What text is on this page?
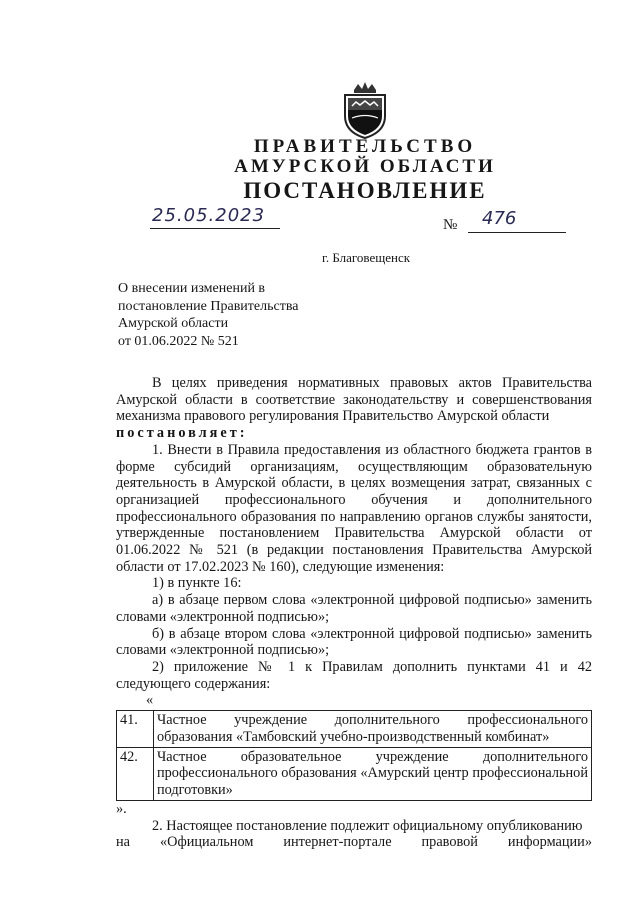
ПРАВИТЕЛЬСТВО
АМУРСКОЙ ОБЛАСТИ
ПОСТАНОВЛЕНИЕ
25.05.2023	№ 476
г. Благовещенск
О внесении изменений в
постановление Правительства
Амурской области
от 01.06.2022 № 521

В целях приведения нормативных правовых актов Правительства Амурской области в соответствие законодательству и совершенствования механизма правового регулирования Правительство Амурской области

постановляет:

1. Внести в Правила предоставления из областного бюджета грантов в форме субсидий организациям, осуществляющим образовательную деятельность в Амурской области, в целях возмещения затрат, связанных с организацией профессионального обучения и дополнительного профессионального образования по направлению органов службы занятости, утвержденные постановлением Правительства Амурской области от 01.06.2022 № 521 (в редакции постановления Правительства Амурской области от 17.02.2023 № 160), следующие изменения:

1) в пункте 16:

а) в абзаце первом слова «электронной цифровой подписью» заменить словами «электронной подписью»;

б) в абзаце втором слова «электронной цифровой подписью» заменить словами «электронной подписью»;

2) приложение № 1 к Правилам дополнить пунктами 41 и 42 следующего содержания:

«

41.	Частное учреждение дополнительного профессионального образования «Тамбовский учебно-производственный комбинат»
42.	Частное образовательное учреждение дополнительного профессионального образования «Амурский центр профессиональной подготовки»

».

2. Настоящее постановление подлежит официальному опубликованию

на «Официальном интернет-портале правовой информации»
